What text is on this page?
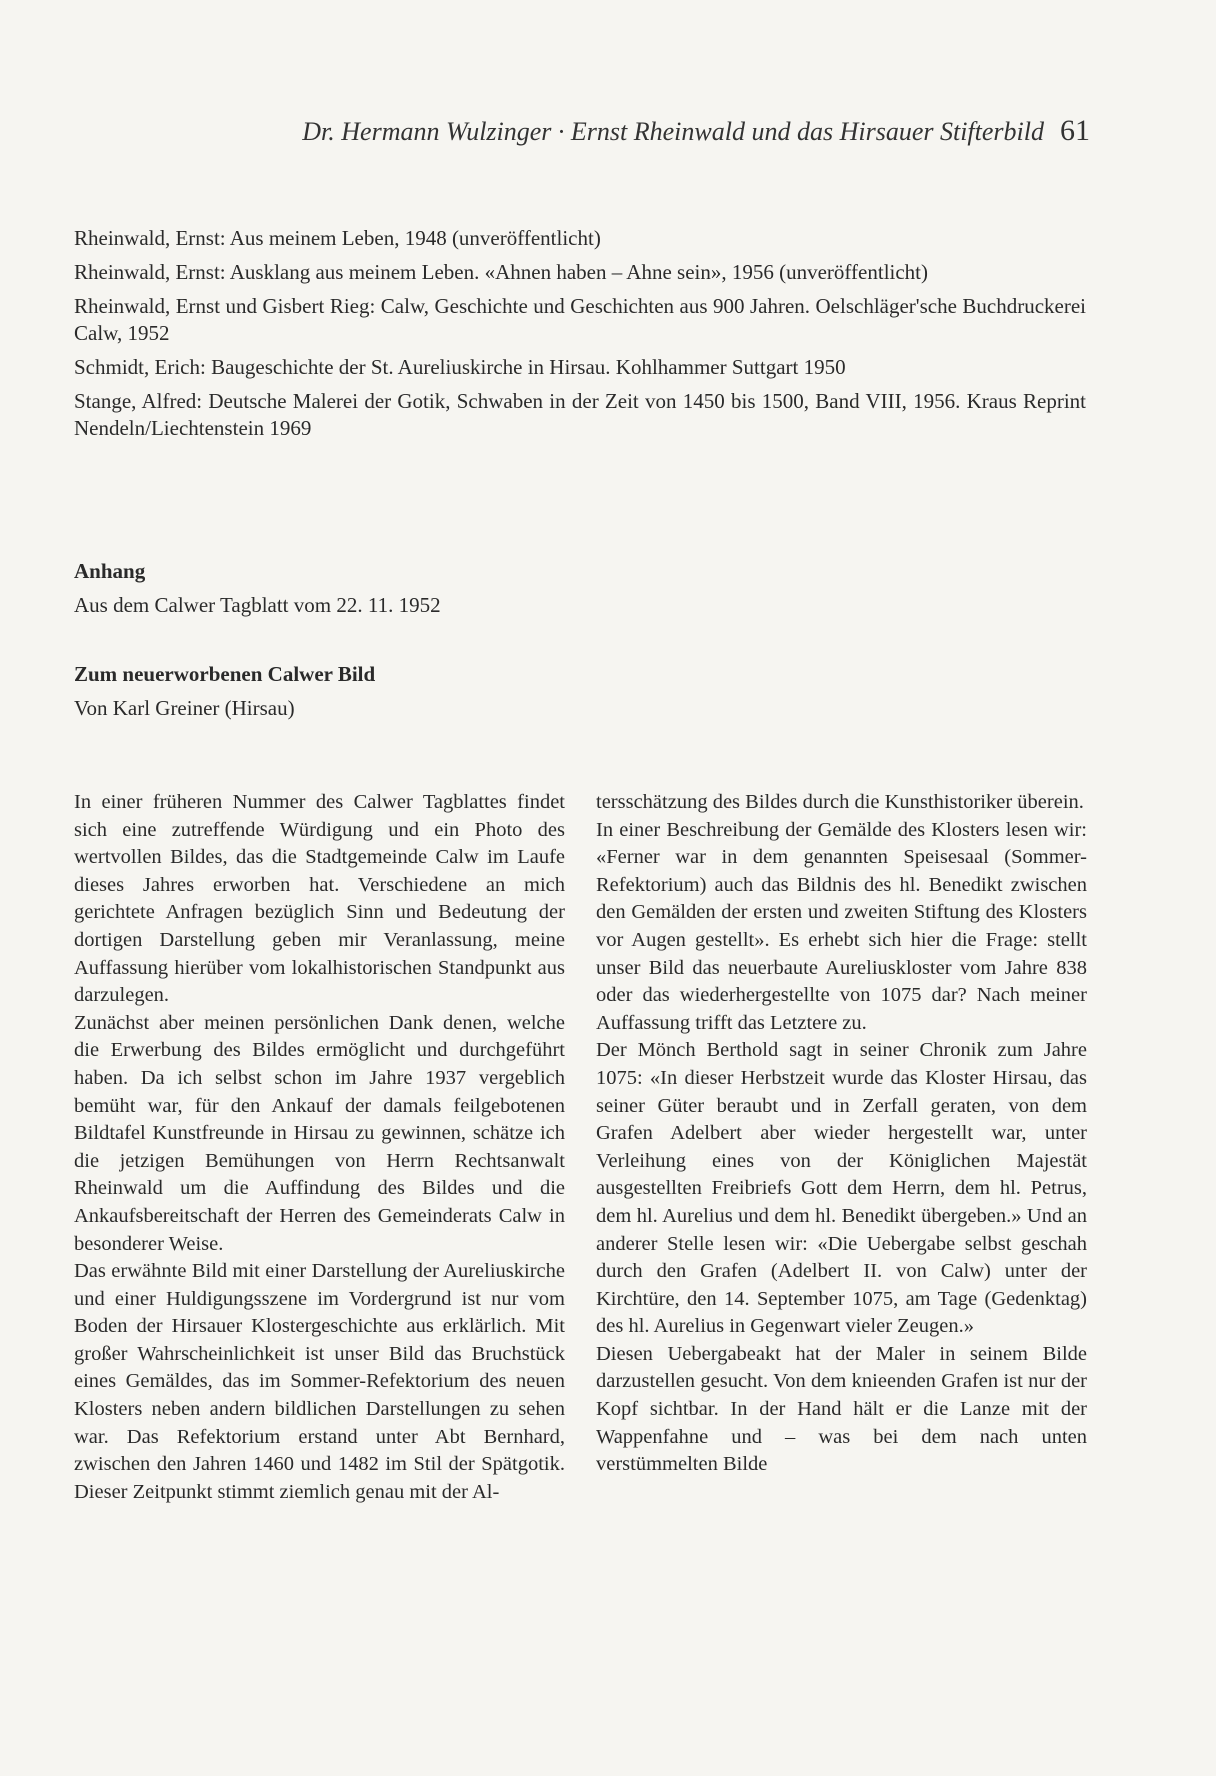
Dr. Hermann Wulzinger · Ernst Rheinwald und das Hirsauer Stifterbild 61

Rheinwald, Ernst: Aus meinem Leben, 1948 (unveröffentlicht)

Rheinwald, Ernst: Ausklang aus meinem Leben. «Ahnen haben – Ahne sein», 1956 (unveröffentlicht)

Rheinwald, Ernst und Gisbert Rieg: Calw, Geschichte und Geschichten aus 900 Jahren. Oelschläger'sche Buchdruckerei Calw, 1952

Schmidt, Erich: Baugeschichte der St. Aureliuskirche in Hirsau. Kohlhammer Suttgart 1950

Stange, Alfred: Deutsche Malerei der Gotik, Schwaben in der Zeit von 1450 bis 1500, Band VIII, 1956. Kraus Reprint Nendeln/Liechtenstein 1969

Anhang

Aus dem Calwer Tagblatt vom 22. 11. 1952

Zum neuerworbenen Calwer Bild

Von Karl Greiner (Hirsau)

In einer früheren Nummer des Calwer Tagblattes findet sich eine zutreffende Würdigung und ein Photo des wertvollen Bildes, das die Stadtgemeinde Calw im Laufe dieses Jahres erworben hat. Verschiedene an mich gerichtete Anfragen bezüglich Sinn und Bedeutung der dortigen Darstellung geben mir Veranlassung, meine Auffassung hierüber vom lokalhistorischen Standpunkt aus darzulegen.

Zunächst aber meinen persönlichen Dank denen, welche die Erwerbung des Bildes ermöglicht und durchgeführt haben. Da ich selbst schon im Jahre 1937 vergeblich bemüht war, für den Ankauf der damals feilgebotenen Bildtafel Kunstfreunde in Hirsau zu gewinnen, schätze ich die jetzigen Bemühungen von Herrn Rechtsanwalt Rheinwald um die Auffindung des Bildes und die Ankaufsbereitschaft der Herren des Gemeinderats Calw in besonderer Weise.

Das erwähnte Bild mit einer Darstellung der Aureliuskirche und einer Huldigungsszene im Vordergrund ist nur vom Boden der Hirsauer Klostergeschichte aus erklärlich. Mit großer Wahrscheinlichkeit ist unser Bild das Bruchstück eines Gemäldes, das im Sommer-Refektorium des neuen Klosters neben andern bildlichen Darstellungen zu sehen war. Das Refektorium erstand unter Abt Bernhard, zwischen den Jahren 1460 und 1482 im Stil der Spätgotik. Dieser Zeitpunkt stimmt ziemlich genau mit der Al-

tersschätzung des Bildes durch die Kunsthistoriker überein.

In einer Beschreibung der Gemälde des Klosters lesen wir: «Ferner war in dem genannten Speisesaal (Sommer-Refektorium) auch das Bildnis des hl. Benedikt zwischen den Gemälden der ersten und zweiten Stiftung des Klosters vor Augen gestellt». Es erhebt sich hier die Frage: stellt unser Bild das neuerbaute Aureliuskloster vom Jahre 838 oder das wiederhergestellte von 1075 dar? Nach meiner Auffassung trifft das Letztere zu.

Der Mönch Berthold sagt in seiner Chronik zum Jahre 1075: «In dieser Herbstzeit wurde das Kloster Hirsau, das seiner Güter beraubt und in Zerfall geraten, von dem Grafen Adelbert aber wieder hergestellt war, unter Verleihung eines von der Königlichen Majestät ausgestellten Freibriefs Gott dem Herrn, dem hl. Petrus, dem hl. Aurelius und dem hl. Benedikt übergeben.» Und an anderer Stelle lesen wir: «Die Uebergabe selbst geschah durch den Grafen (Adelbert II. von Calw) unter der Kirchtüre, den 14. September 1075, am Tage (Gedenktag) des hl. Aurelius in Gegenwart vieler Zeugen.»

Diesen Uebergabeakt hat der Maler in seinem Bilde darzustellen gesucht. Von dem knieenden Grafen ist nur der Kopf sichtbar. In der Hand hält er die Lanze mit der Wappenfahne und – was bei dem nach unten verstümmelten Bilde
